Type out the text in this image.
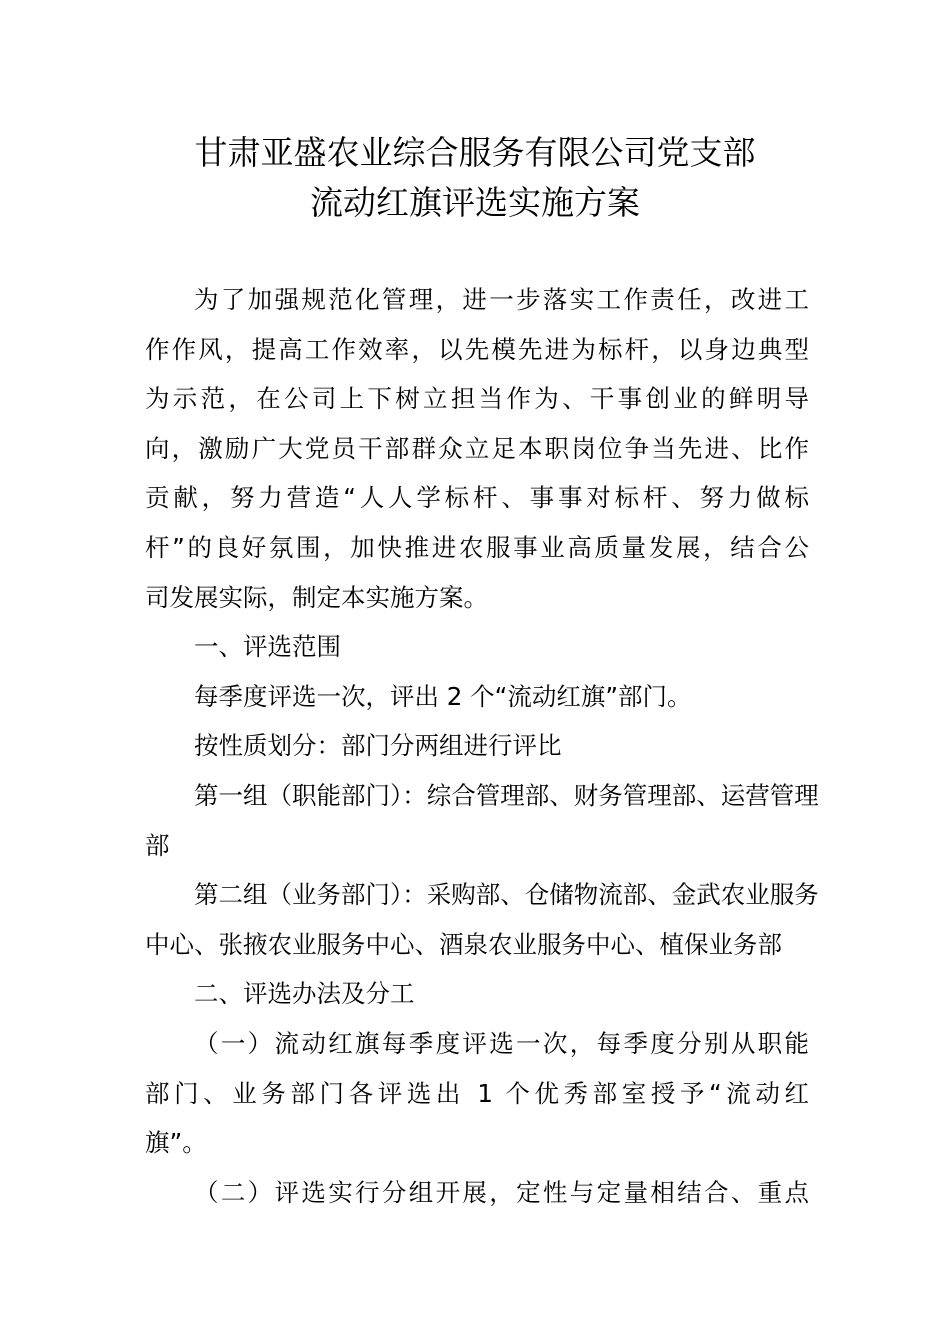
甘肃亚盛农业综合服务有限公司党支部
流动红旗评选实施方案
为了加强规范化管理，进一步落实工作责任，改进工
作作风，提高工作效率，以先模先进为标杆，以身边典型
为示范，在公司上下树立担当作为、干事创业的鲜明导
向，激励广大党员干部群众立足本职岗位争当先进、比作
贡献，努力营造“人人学标杆、事事对标杆、努力做标
杆”的良好氛围，加快推进农服事业高质量发展，结合公
司发展实际，制定本实施方案。
一、评选范围
每季度评选一次，评出 2 个“流动红旗”部门。
按性质划分：部门分两组进行评比
第一组（职能部门）：综合管理部、财务管理部、运营管理
部
第二组（业务部门）：采购部、仓储物流部、金武农业服务
中心、张掖农业服务中心、酒泉农业服务中心、植保业务部
二、评选办法及分工
（一）流动红旗每季度评选一次，每季度分别从职能
部门、业务部门各评选出 1 个优秀部室授予“流动红
旗”。
（二）评选实行分组开展，定性与定量相结合、重点
